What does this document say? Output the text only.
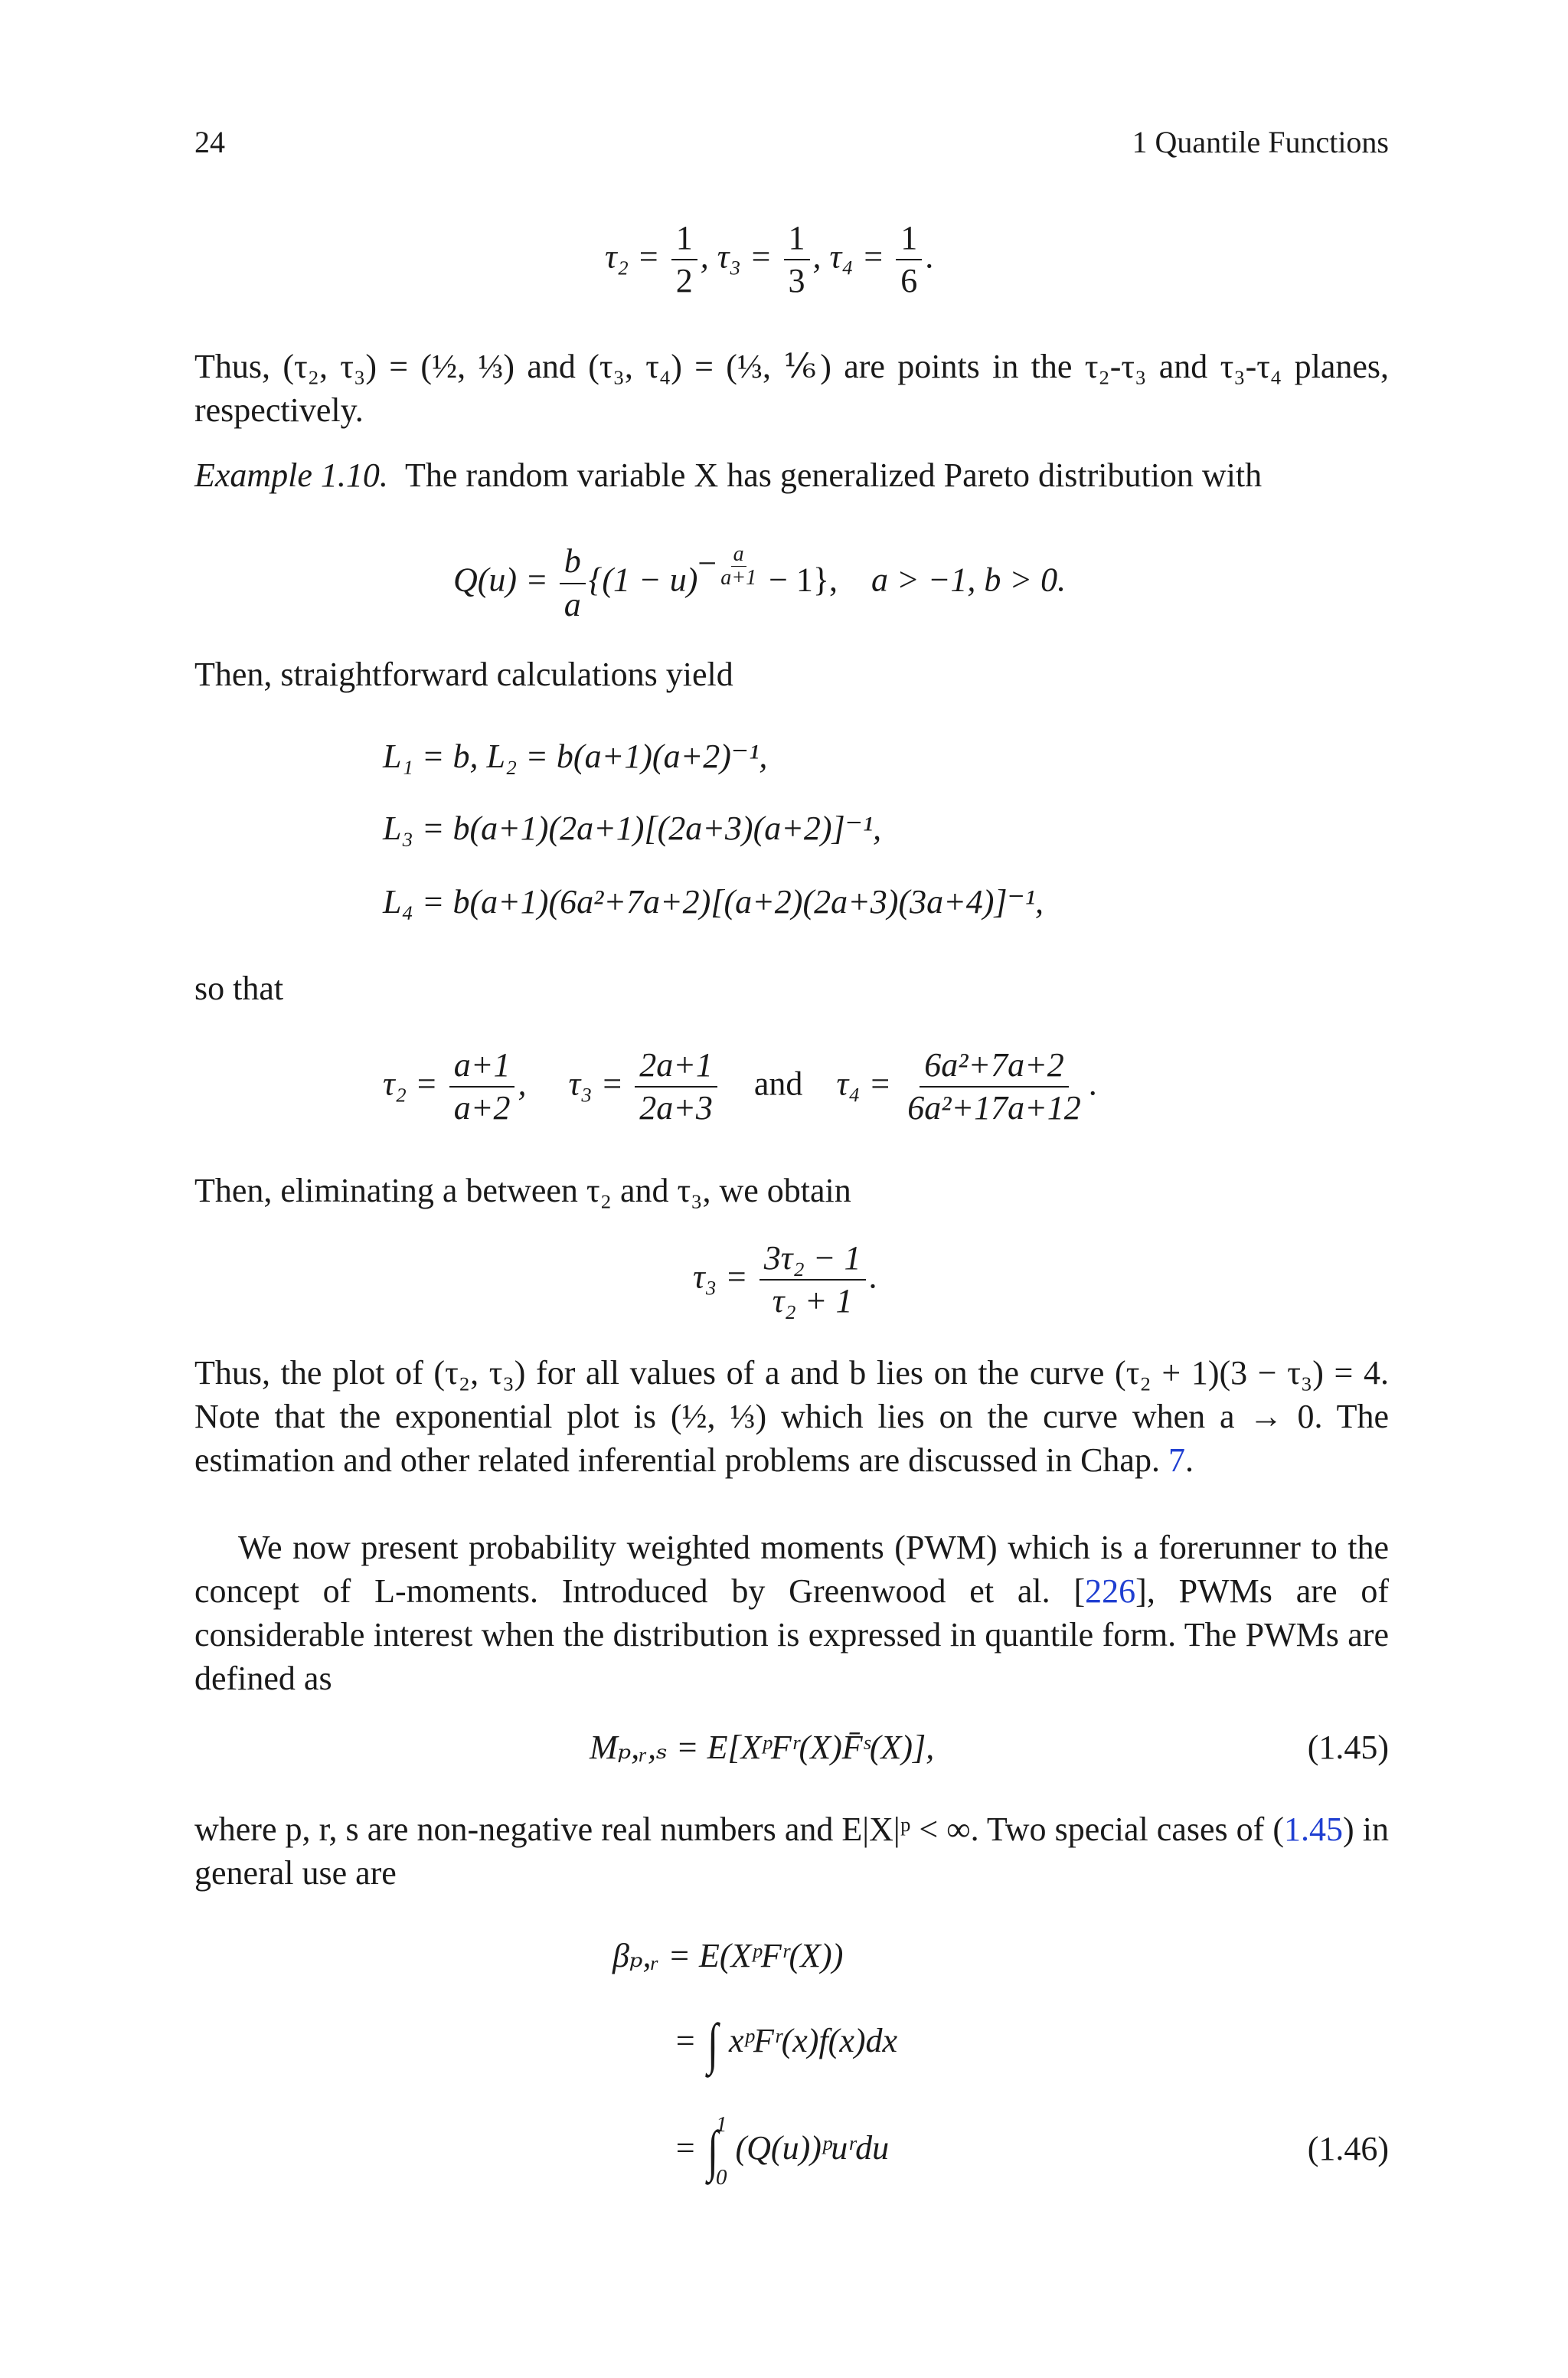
24	1 Quantile Functions
$\tau_2 = \frac{1}{2}$ , $\tau_3 = \frac{1}{3}$ , $\tau_4 = \frac{1}{6}$ .

Thus, (τ₂, τ₃) = (½, ⅓) and (τ₃, τ₄) = (⅓, ⅙) are points in the τ₂-τ₃ and τ₃-τ₄ planes, respectively.

Example 1.10. The random variable X has generalized Pareto distribution with

$Q(u) = \frac{b}{a} \{(1 - u)- \frac{a}{a+1} - 1\}$, a > −1, b > 0.

Then, straightforward calculations yield

L₁ = b, L₂ = b(a+1)(a+2)⁻¹,
L₃ = b(a+1)(2a+1)[(2a+3)(a+2)]⁻¹,
L₄ = b(a+1)(6a²+7a+2)[(a+2)(2a+3)(3a+4)]⁻¹,

so that

$\tau_2 = \frac{a+1}{a+2}$ ,     $\tau_3 = \frac{2a+1}{2a+3}$ and $\tau_4 = \frac{\text{6a²+7a+2}}{\text{6a²+17a+12}}$ .

Then, eliminating a between τ₂ and τ₃, we obtain

$\tau_3 = \frac{\text{3τ₂ − 1}}{\text{τ₂ + 1}}$ .

Thus, the plot of (τ₂, τ₃) for all values of a and b lies on the curve (τ₂ + 1)(3 − τ₃) = 4. Note that the exponential plot is (½, ⅓) which lies on the curve when a → 0. The estimation and other related inferential problems are discussed in Chap. 7.

We now present probability weighted moments (PWM) which is a forerunner to the concept of L-moments. Introduced by Greenwood et al. [226], PWMs are of considerable interest when the distribution is expressed in quantile form. The PWMs are defined as

Mₚ,ᵣ,ₛ = E[XᵖFʳ(X)F̄ˢ(X)],	(1.45)

where p, r, s are non-negative real numbers and E|X|ᵖ < ∞. Two special cases of (1.45) in general use are

βₚ,ᵣ = E(XᵖFʳ(X))
= ∫ xᵖFʳ(x)f(x)dx
= ∫
1
0
(Q(u))ᵖuʳdu	(1.46)
